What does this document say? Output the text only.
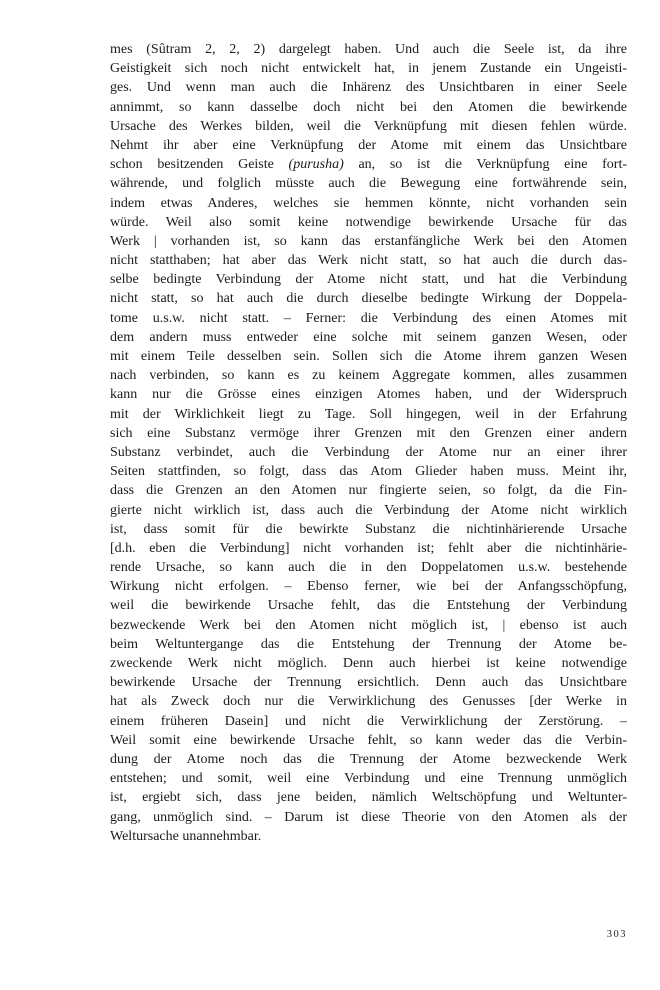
mes (Sûtram 2, 2, 2) dargelegt haben. Und auch die Seele ist, da ihre
Geistigkeit sich noch nicht entwickelt hat, in jenem Zustande ein Ungeisti-
ges. Und wenn man auch die Inhärenz des Unsichtbaren in einer Seele
annimmt, so kann dasselbe doch nicht bei den Atomen die bewirkende
Ursache des Werkes bilden, weil die Verknüpfung mit diesen fehlen würde.
Nehmt ihr aber eine Verknüpfung der Atome mit einem das Unsichtbare
schon besitzenden Geiste (purusha) an, so ist die Verknüpfung eine fort-
währende, und folglich müsste auch die Bewegung eine fortwährende sein,
indem etwas Anderes, welches sie hemmen könnte, nicht vorhanden sein
würde. Weil also somit keine notwendige bewirkende Ursache für das
Werk | vorhanden ist, so kann das erstanfängliche Werk bei den Atomen
nicht statthaben; hat aber das Werk nicht statt, so hat auch die durch das-
selbe bedingte Verbindung der Atome nicht statt, und hat die Verbindung
nicht statt, so hat auch die durch dieselbe bedingte Wirkung der Doppela-
tome u.s.w. nicht statt. – Ferner: die Verbindung des einen Atomes mit
dem andern muss entweder eine solche mit seinem ganzen Wesen, oder
mit einem Teile desselben sein. Sollen sich die Atome ihrem ganzen Wesen
nach verbinden, so kann es zu keinem Aggregate kommen, alles zusammen
kann nur die Grösse eines einzigen Atomes haben, und der Widerspruch
mit der Wirklichkeit liegt zu Tage. Soll hingegen, weil in der Erfahrung
sich eine Substanz vermöge ihrer Grenzen mit den Grenzen einer andern
Substanz verbindet, auch die Verbindung der Atome nur an einer ihrer
Seiten stattfinden, so folgt, dass das Atom Glieder haben muss. Meint ihr,
dass die Grenzen an den Atomen nur fingierte seien, so folgt, da die Fin-
gierte nicht wirklich ist, dass auch die Verbindung der Atome nicht wirklich
ist, dass somit für die bewirkte Substanz die nichtinhärierende Ursache
[d.h. eben die Verbindung] nicht vorhanden ist; fehlt aber die nichtinhärie-
rende Ursache, so kann auch die in den Doppelatomen u.s.w. bestehende
Wirkung nicht erfolgen. – Ebenso ferner, wie bei der Anfangsschöpfung,
weil die bewirkende Ursache fehlt, das die Entstehung der Verbindung
bezweckende Werk bei den Atomen nicht möglich ist, | ebenso ist auch
beim Weltuntergange das die Entstehung der Trennung der Atome be-
zweckende Werk nicht möglich. Denn auch hierbei ist keine notwendige
bewirkende Ursache der Trennung ersichtlich. Denn auch das Unsichtbare
hat als Zweck doch nur die Verwirklichung des Genusses [der Werke in
einem früheren Dasein] und nicht die Verwirklichung der Zerstörung. –
Weil somit eine bewirkende Ursache fehlt, so kann weder das die Verbin-
dung der Atome noch das die Trennung der Atome bezweckende Werk
entstehen; und somit, weil eine Verbindung und eine Trennung unmöglich
ist, ergiebt sich, dass jene beiden, nämlich Weltschöpfung und Weltunter-
gang, unmöglich sind. – Darum ist diese Theorie von den Atomen als der
Weltursache unannehmbar.
303
